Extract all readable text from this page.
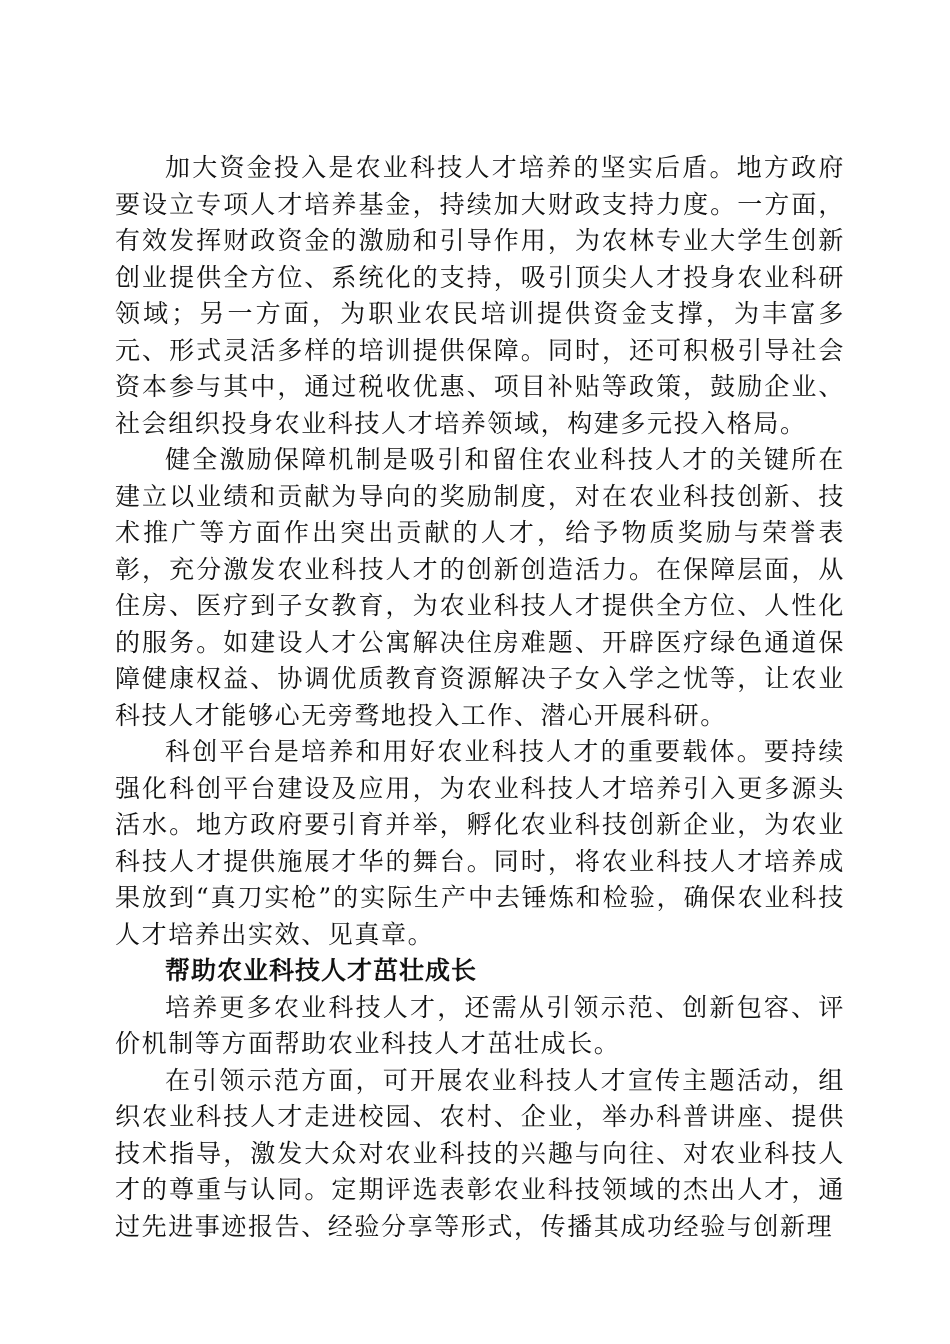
加大资金投入是农业科技人才培养的坚实后盾。地方政府要设立专项人才培养基金，持续加大财政支持力度。一方面，有效发挥财政资金的激励和引导作用，为农林专业大学生创新创业提供全方位、系统化的支持，吸引顶尖人才投身农业科研领域；另一方面，为职业农民培训提供资金支撑，为丰富多元、形式灵活多样的培训提供保障。同时，还可积极引导社会资本参与其中，通过税收优惠、项目补贴等政策，鼓励企业、社会组织投身农业科技人才培养领域，构建多元投入格局。

健全激励保障机制是吸引和留住农业科技人才的关键所在建立以业绩和贡献为导向的奖励制度，对在农业科技创新、技术推广等方面作出突出贡献的人才，给予物质奖励与荣誉表彰，充分激发农业科技人才的创新创造活力。在保障层面，从住房、医疗到子女教育，为农业科技人才提供全方位、人性化的服务。如建设人才公寓解决住房难题、开辟医疗绿色通道保障健康权益、协调优质教育资源解决子女入学之忧等，让农业科技人才能够心无旁骛地投入工作、潜心开展科研。

科创平台是培养和用好农业科技人才的重要载体。要持续强化科创平台建设及应用，为农业科技人才培养引入更多源头活水。地方政府要引育并举，孵化农业科技创新企业，为农业科技人才提供施展才华的舞台。同时，将农业科技人才培养成果放到“真刀实枪”的实际生产中去锤炼和检验，确保农业科技人才培养出实效、见真章。

帮助农业科技人才茁壮成长

培养更多农业科技人才，还需从引领示范、创新包容、评价机制等方面帮助农业科技人才茁壮成长。

在引领示范方面，可开展农业科技人才宣传主题活动，组织农业科技人才走进校园、农村、企业，举办科普讲座、提供技术指导，激发大众对农业科技的兴趣与向往、对农业科技人才的尊重与认同。定期评选表彰农业科技领域的杰出人才，通过先进事迹报告、经验分享等形式，传播其成功经验与创新理
